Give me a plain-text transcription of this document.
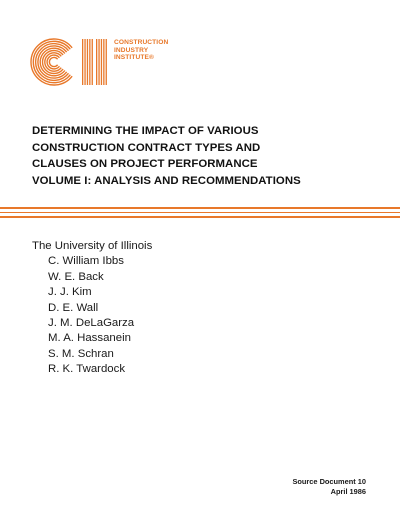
CONSTRUCTION
INDUSTRY
INSTITUTE®
DETERMINING THE IMPACT OF VARIOUS
CONSTRUCTION CONTRACT TYPES AND
CLAUSES ON PROJECT PERFORMANCE
VOLUME I: ANALYSIS AND RECOMMENDATIONS
The University of Illinois
C. William Ibbs
W. E. Back
J. J. Kim
D. E. Wall
J. M. DeLaGarza
M. A. Hassanein
S. M. Schran
R. K. Twardock
Source Document 10
April 1986
